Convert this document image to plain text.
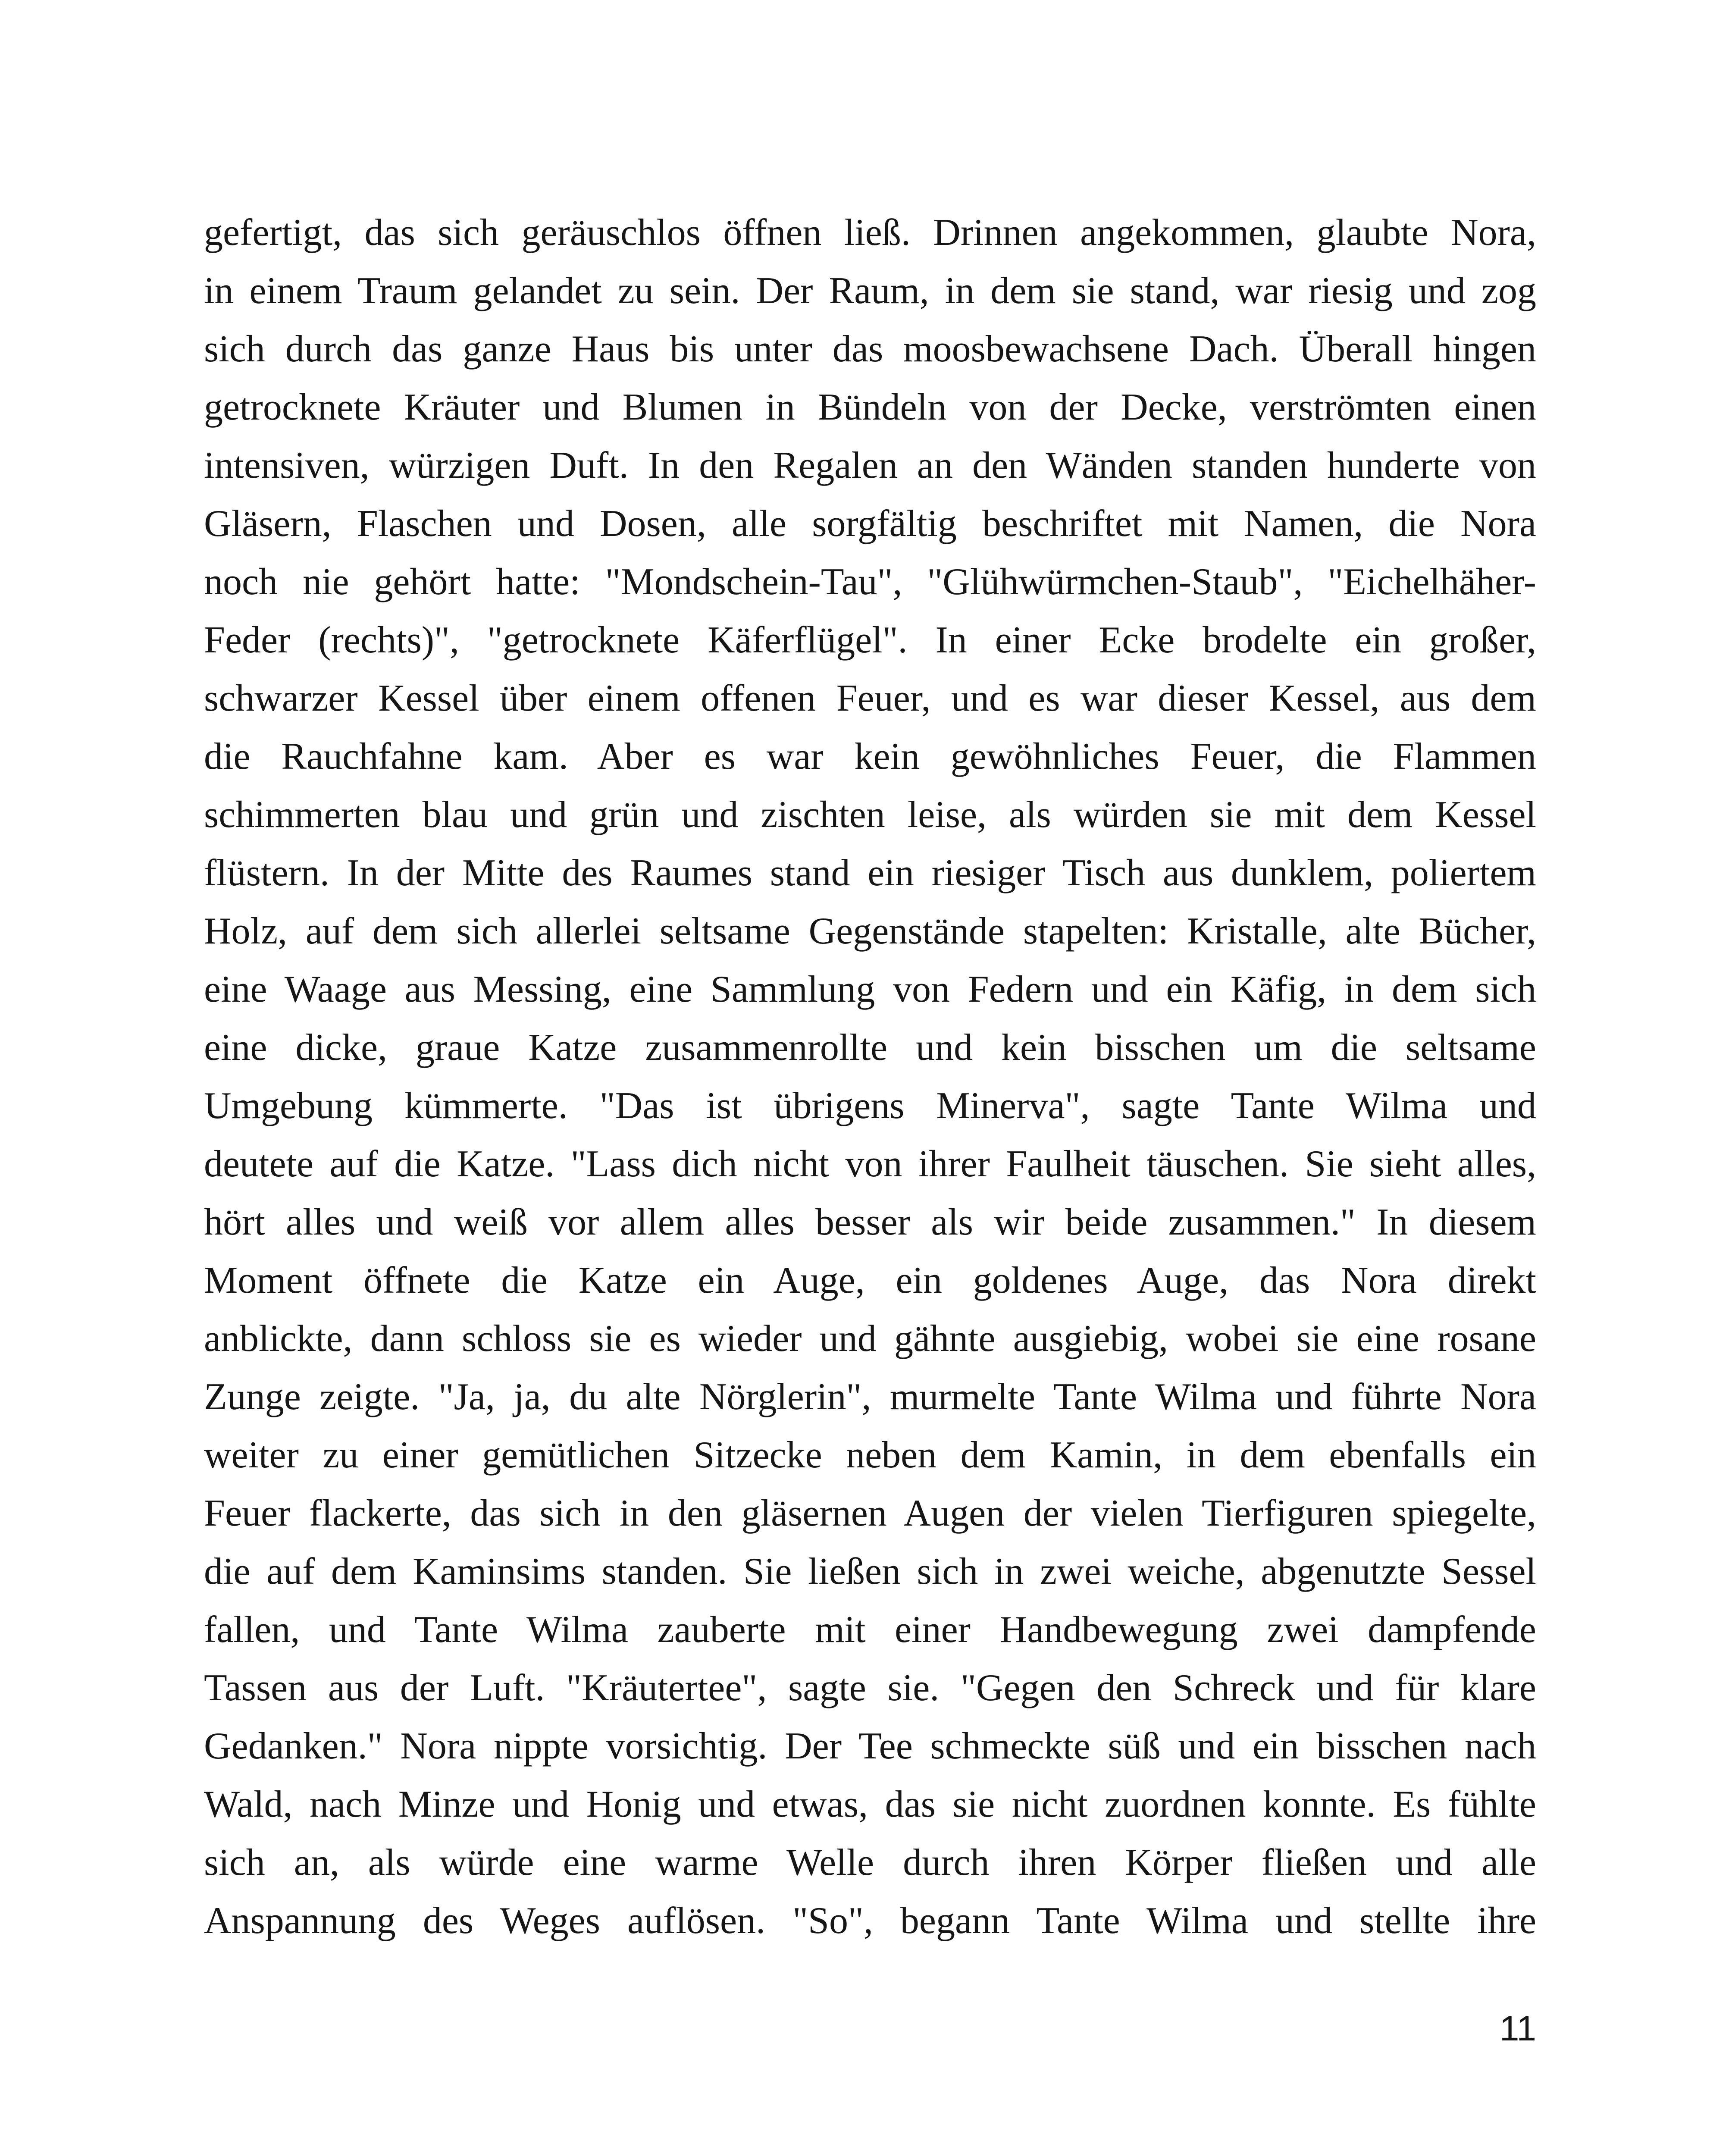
gefertigt, das sich geräuschlos öffnen ließ. Drinnen angekommen, glaubte Nora,
in einem Traum gelandet zu sein. Der Raum, in dem sie stand, war riesig und zog
sich durch das ganze Haus bis unter das moosbewachsene Dach. Überall hingen
getrocknete Kräuter und Blumen in Bündeln von der Decke, verströmten einen
intensiven, würzigen Duft. In den Regalen an den Wänden standen hunderte von
Gläsern, Flaschen und Dosen, alle sorgfältig beschriftet mit Namen, die Nora
noch nie gehört hatte: "Mondschein-Tau", "Glühwürmchen-Staub", "Eichelhäher-
Feder (rechts)", "getrocknete Käferflügel". In einer Ecke brodelte ein großer,
schwarzer Kessel über einem offenen Feuer, und es war dieser Kessel, aus dem
die Rauchfahne kam. Aber es war kein gewöhnliches Feuer, die Flammen
schimmerten blau und grün und zischten leise, als würden sie mit dem Kessel
flüstern. In der Mitte des Raumes stand ein riesiger Tisch aus dunklem, poliertem
Holz, auf dem sich allerlei seltsame Gegenstände stapelten: Kristalle, alte Bücher,
eine Waage aus Messing, eine Sammlung von Federn und ein Käfig, in dem sich
eine dicke, graue Katze zusammenrollte und kein bisschen um die seltsame
Umgebung kümmerte. "Das ist übrigens Minerva", sagte Tante Wilma und
deutete auf die Katze. "Lass dich nicht von ihrer Faulheit täuschen. Sie sieht alles,
hört alles und weiß vor allem alles besser als wir beide zusammen." In diesem
Moment öffnete die Katze ein Auge, ein goldenes Auge, das Nora direkt
anblickte, dann schloss sie es wieder und gähnte ausgiebig, wobei sie eine rosane
Zunge zeigte. "Ja, ja, du alte Nörglerin", murmelte Tante Wilma und führte Nora
weiter zu einer gemütlichen Sitzecke neben dem Kamin, in dem ebenfalls ein
Feuer flackerte, das sich in den gläsernen Augen der vielen Tierfiguren spiegelte,
die auf dem Kaminsims standen. Sie ließen sich in zwei weiche, abgenutzte Sessel
fallen, und Tante Wilma zauberte mit einer Handbewegung zwei dampfende
Tassen aus der Luft. "Kräutertee", sagte sie. "Gegen den Schreck und für klare
Gedanken." Nora nippte vorsichtig. Der Tee schmeckte süß und ein bisschen nach
Wald, nach Minze und Honig und etwas, das sie nicht zuordnen konnte. Es fühlte
sich an, als würde eine warme Welle durch ihren Körper fließen und alle
Anspannung des Weges auflösen. "So", begann Tante Wilma und stellte ihre
11
